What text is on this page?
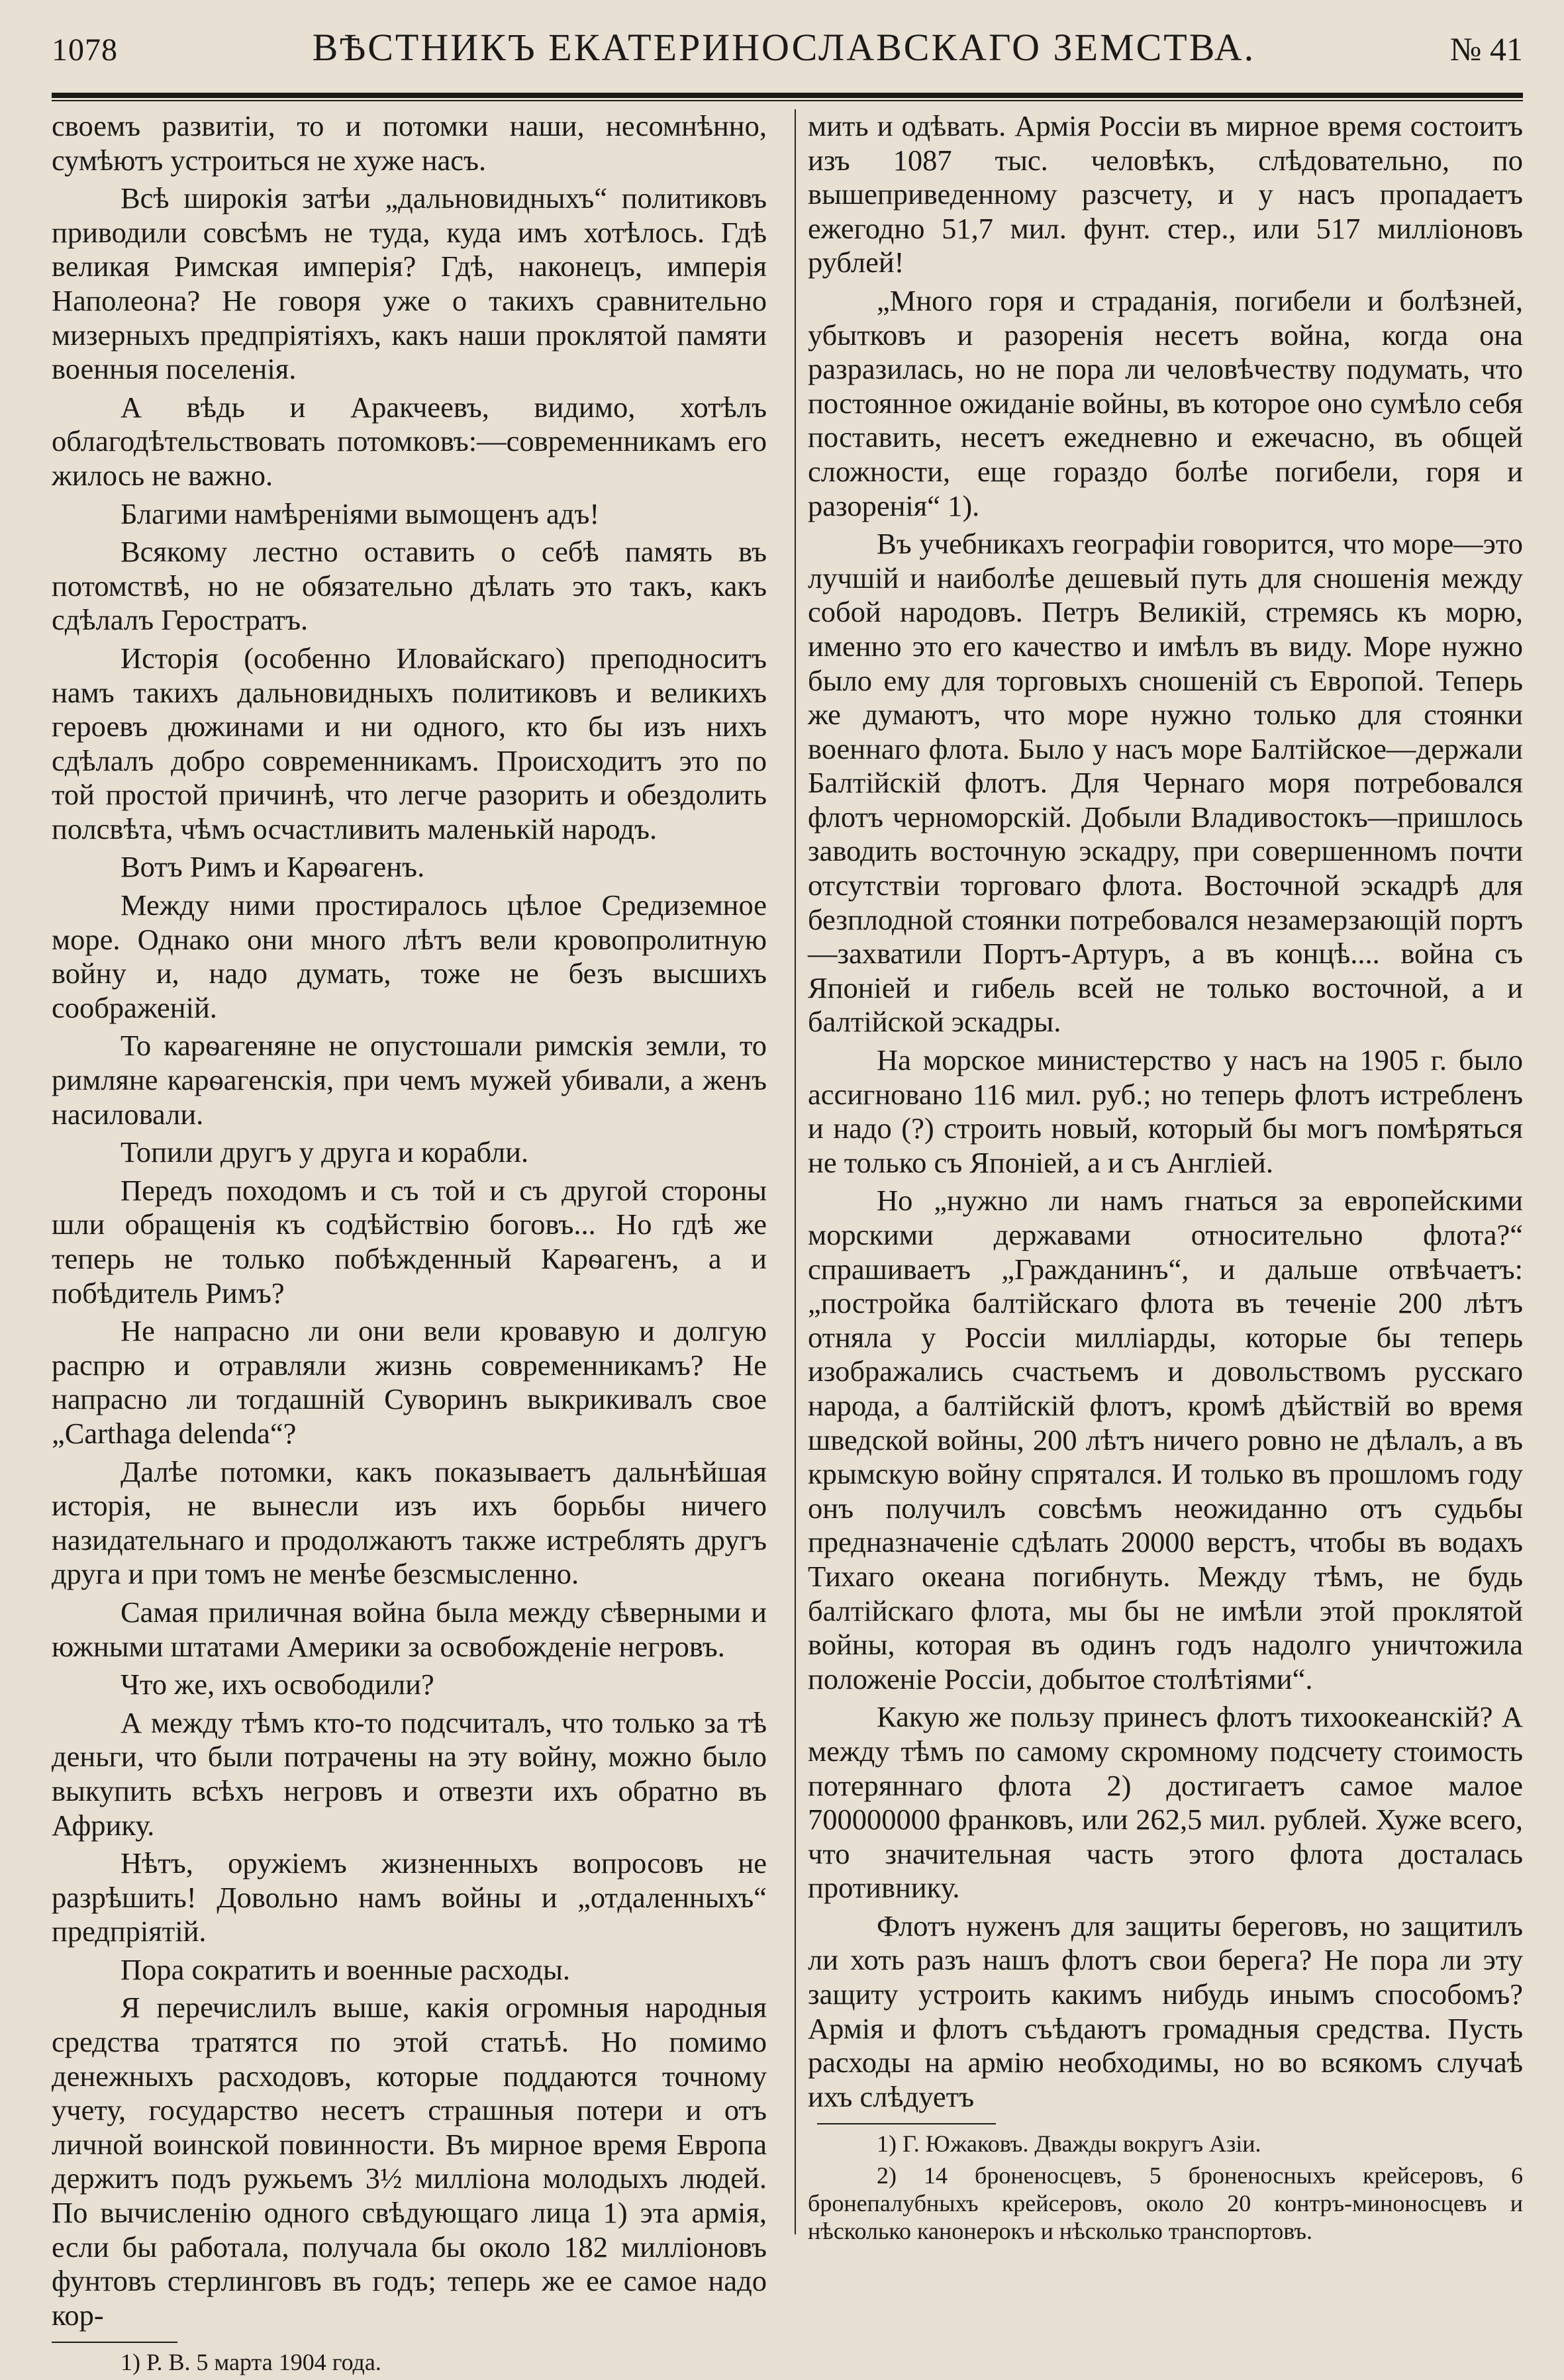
1078	ВѢСТНИКЪ ЕКАТЕРИНОСЛАВСКАГО ЗЕМСТВА.	№ 41

своемъ развитіи, то и потомки наши, несомнѣнно, сумѣютъ устроиться не хуже насъ.

Всѣ широкія затѣи „дальновидныхъ“ политиковъ приводили совсѣмъ не туда, куда имъ хотѣлось. Гдѣ великая Римская имперія? Гдѣ, наконецъ, имперія Наполеона? Не говоря уже о такихъ сравнительно мизерныхъ предпріятіяхъ, какъ наши проклятой памяти военныя поселенія.

А вѣдь и Аракчеевъ, видимо, хотѣлъ облагодѣтельствовать потомковъ:—современникамъ его жилось не важно.

Благими намѣреніями вымощенъ адъ!

Всякому лестно оставить о себѣ память въ потомствѣ, но не обязательно дѣлать это такъ, какъ сдѣлалъ Геростратъ.

Исторія (особенно Иловайскаго) преподноситъ намъ такихъ дальновидныхъ политиковъ и великихъ героевъ дюжинами и ни одного, кто бы изъ нихъ сдѣлалъ добро современникамъ. Происходитъ это по той простой причинѣ, что легче разорить и обездолить полсвѣта, чѣмъ осчастливить маленькій народъ.

Вотъ Римъ и Карѳагенъ.

Между ними простиралось цѣлое Средиземное море. Однако они много лѣтъ вели кровопролитную войну и, надо думать, тоже не безъ высшихъ соображеній.

То карѳагеняне не опустошали римскія земли, то римляне карѳагенскія, при чемъ мужей убивали, а женъ насиловали.

Топили другъ у друга и корабли.

Передъ походомъ и съ той и съ другой стороны шли обращенія къ содѣйствію боговъ... Но гдѣ же теперь не только побѣжденный Карѳагенъ, а и побѣдитель Римъ?

Не напрасно ли они вели кровавую и долгую распрю и отравляли жизнь современникамъ? Не напрасно ли тогдашній Суворинъ выкрикивалъ свое „Carthaga delenda“?

Далѣе потомки, какъ показываетъ дальнѣйшая исторія, не вынесли изъ ихъ борьбы ничего назидательнаго и продолжаютъ также истреблять другъ друга и при томъ не менѣе безсмысленно.

Самая приличная война была между сѣверными и южными штатами Америки за освобожденіе негровъ.

Что же, ихъ освободили?

А между тѣмъ кто-то подсчиталъ, что только за тѣ деньги, что были потрачены на эту войну, можно было выкупить всѣхъ негровъ и отвезти ихъ обратно въ Африку.

Нѣтъ, оружіемъ жизненныхъ вопросовъ не разрѣшить! Довольно намъ войны и „отдаленныхъ“ предпріятій.

Пора сократить и военные расходы.

Я перечислилъ выше, какія огромныя народныя средства тратятся по этой статьѣ. Но помимо денежныхъ расходовъ, которые поддаются точному учету, государство несетъ страшныя потери и отъ личной воинской повинности. Въ мирное время Европа держитъ подъ ружьемъ 3½ милліона молодыхъ людей. По вычисленію одного свѣдующаго лица 1) эта армія, если бы работала, получала бы около 182 милліоновъ фунтовъ стерлинговъ въ годъ; теперь же ее самое надо кор-

1) Р. В. 5 марта 1904 года.

мить и одѣвать. Армія Россіи въ мирное время состоитъ изъ 1087 тыс. человѣкъ, слѣдовательно, по вышеприведенному разсчету, и у насъ пропадаетъ ежегодно 51,7 мил. фунт. стер., или 517 милліоновъ рублей!

„Много горя и страданія, погибели и болѣзней, убытковъ и разоренія несетъ война, когда она разразилась, но не пора ли человѣчеству подумать, что постоянное ожиданіе войны, въ которое оно сумѣло себя поставить, несетъ ежедневно и ежечасно, въ общей сложности, еще гораздо болѣе погибели, горя и разоренія“ 1).

Въ учебникахъ географіи говорится, что море—это лучшій и наиболѣе дешевый путь для сношенія между собой народовъ. Петръ Великій, стремясь къ морю, именно это его качество и имѣлъ въ виду. Море нужно было ему для торговыхъ сношеній съ Европой. Теперь же думаютъ, что море нужно только для стоянки военнаго флота. Было у насъ море Балтійское—держали Балтійскій флотъ. Для Чернаго моря потребовался флотъ черноморскій. Добыли Владивостокъ—пришлось заводить восточную эскадру, при совершенномъ почти отсутствіи торговаго флота. Восточной эскадрѣ для безплодной стоянки потребовался незамерзающій портъ—захватили Портъ-Артуръ, а въ концѣ.... война съ Японіей и гибель всей не только восточной, а и балтійской эскадры.

На морское министерство у насъ на 1905 г. было ассигновано 116 мил. руб.; но теперь флотъ истребленъ и надо (?) строить новый, который бы могъ помѣряться не только съ Японіей, а и съ Англіей.

Но „нужно ли намъ гнаться за европейскими морскими державами относительно флота?“ спрашиваетъ „Гражданинъ“, и дальше отвѣчаетъ: „постройка балтійскаго флота въ теченіе 200 лѣтъ отняла у Россіи милліарды, которые бы теперь изображались счастьемъ и довольствомъ русскаго народа, а балтійскій флотъ, кромѣ дѣйствій во время шведской войны, 200 лѣтъ ничего ровно не дѣлалъ, а въ крымскую войну спрятался. И только въ прошломъ году онъ получилъ совсѣмъ неожиданно отъ судьбы предназначеніе сдѣлать 20000 верстъ, чтобы въ водахъ Тихаго океана погибнуть. Между тѣмъ, не будь балтійскаго флота, мы бы не имѣли этой проклятой войны, которая въ одинъ годъ надолго уничтожила положеніе Россіи, добытое столѣтіями“.

Какую же пользу принесъ флотъ тихоокеанскій? А между тѣмъ по самому скромному подсчету стоимость потеряннаго флота 2) достигаетъ самое малое 700000000 франковъ, или 262,5 мил. рублей. Хуже всего, что значительная часть этого флота досталась противнику.

Флотъ нуженъ для защиты береговъ, но защитилъ ли хоть разъ нашъ флотъ свои берега? Не пора ли эту защиту устроить какимъ нибудь инымъ способомъ? Армія и флотъ съѣдаютъ громадныя средства. Пусть расходы на армію необходимы, но во всякомъ случаѣ ихъ слѣдуетъ

1) Г. Южаковъ. Дважды вокругъ Азіи.

2) 14 броненосцевъ, 5 броненосныхъ крейсеровъ, 6 бронепалубныхъ крейсеровъ, около 20 контръ-миноносцевъ и нѣсколько канонерокъ и нѣсколько транспортовъ.
